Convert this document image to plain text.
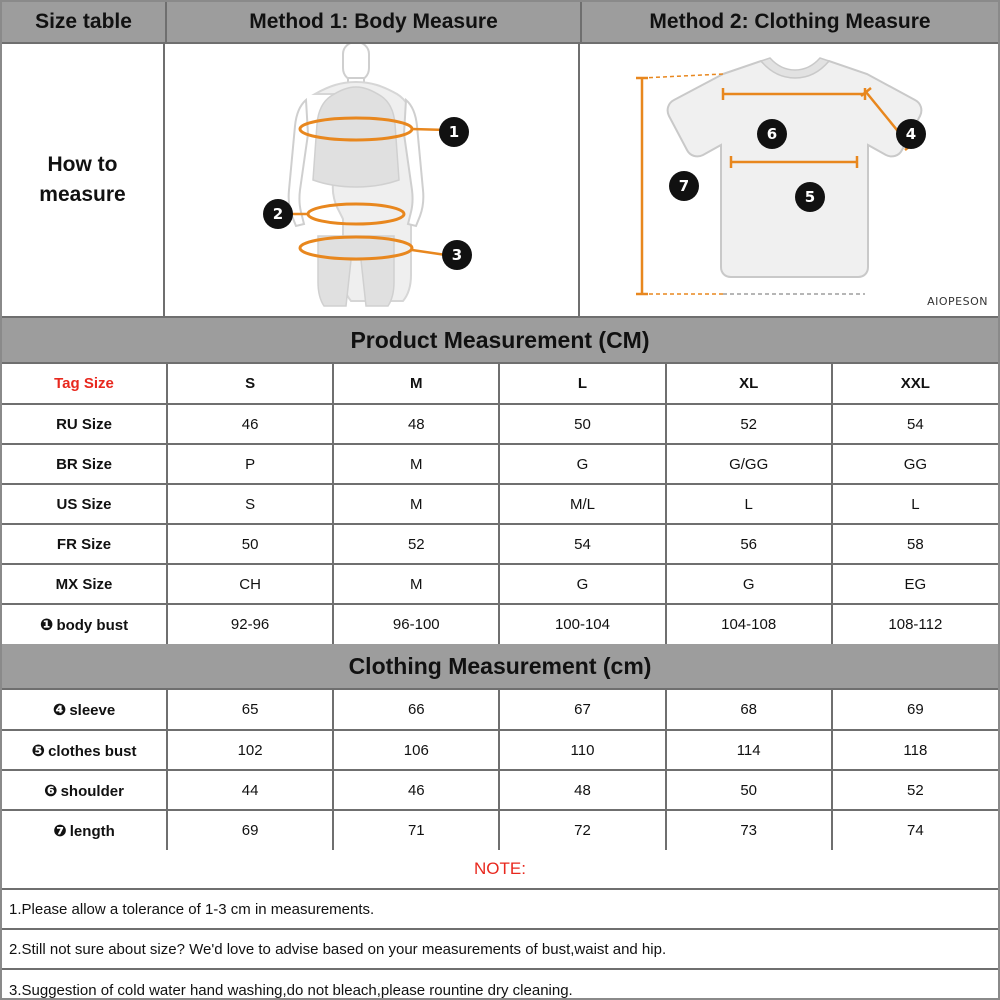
Size table	Method 1: Body Measure	Method 2: Clothing Measure
How to
measure
1
2
3
6	4
5
7
AIOPESON
Product Measurement (CM)
Tag Size	S	M	L	XL	XXL
RU Size	46	48	50	52	54
BR Size	P	M	G	G/GG	GG
US Size	S	M	M/L	L	L
FR Size	50	52	54	56	58
MX Size	CH	M	G	G	EG
❶ body bust	92-96	96-100	100-104	104-108	108-112
Clothing Measurement (cm)
❹ sleeve	65	66	67	68	69
❺ clothes bust	102	106	110	114	118
❻ shoulder	44	46	48	50	52
❼ length	69	71	72	73	74
NOTE:
1.Please allow a tolerance of 1-3 cm in measurements.
2.Still not sure about size? We'd love to advise based on your measurements of bust,waist and hip.
3.Suggestion of cold water hand washing,do not bleach,please rountine dry cleaning.
